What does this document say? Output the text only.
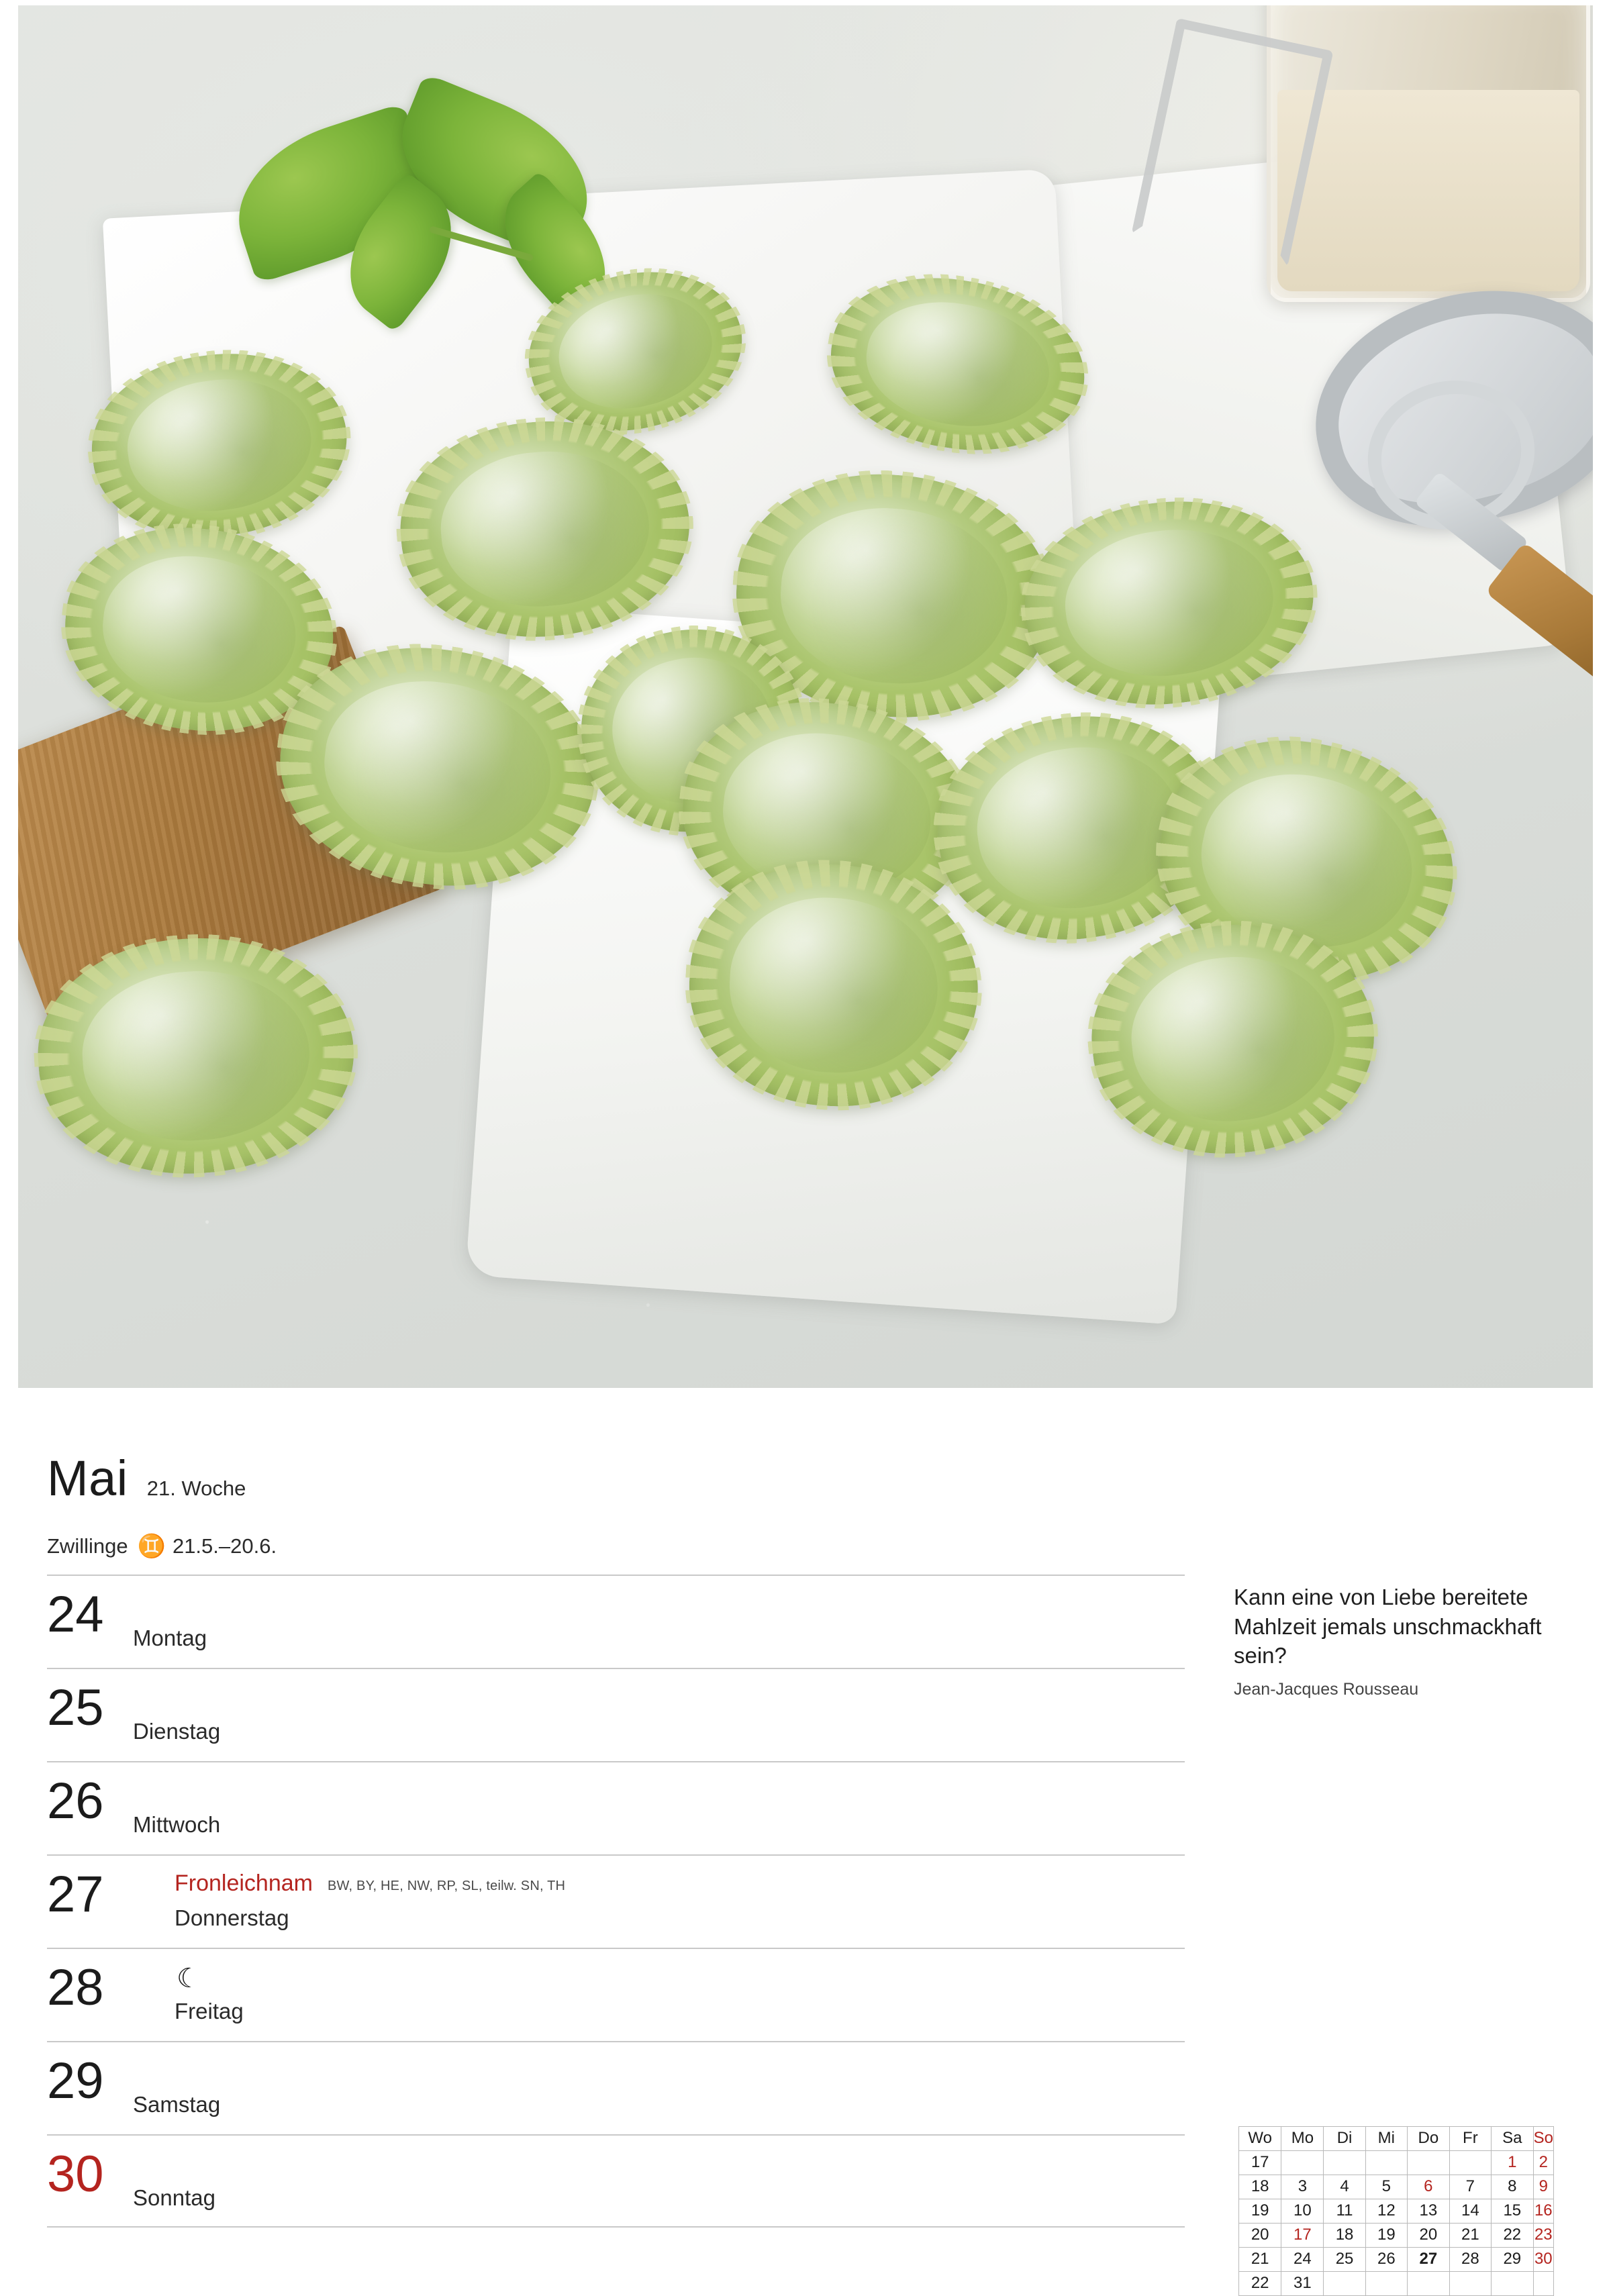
Mai 21. Woche
Zwillinge ♊ 21.5.–20.6.
24 Montag
25 Dienstag
26 Mittwoch
27	Fronleichnam BW, BY, HE, NW, RP, SL, teilw. SN, TH
Donnerstag
28	☾
Freitag
29 Samstag
30 Sonntag
Kann eine von Liebe bereitete Mahlzeit jemals unschmackhaft sein?
Jean-Jacques Rousseau
Wo	Mo	Di	Mi	Do	Fr	Sa	So
17						1	2
18	3	4	5	6	7	8	9
19	10	11	12	13	14	15	16
20	17	18	19	20	21	22	23
21	24	25	26	27	28	29	30
22	31						
